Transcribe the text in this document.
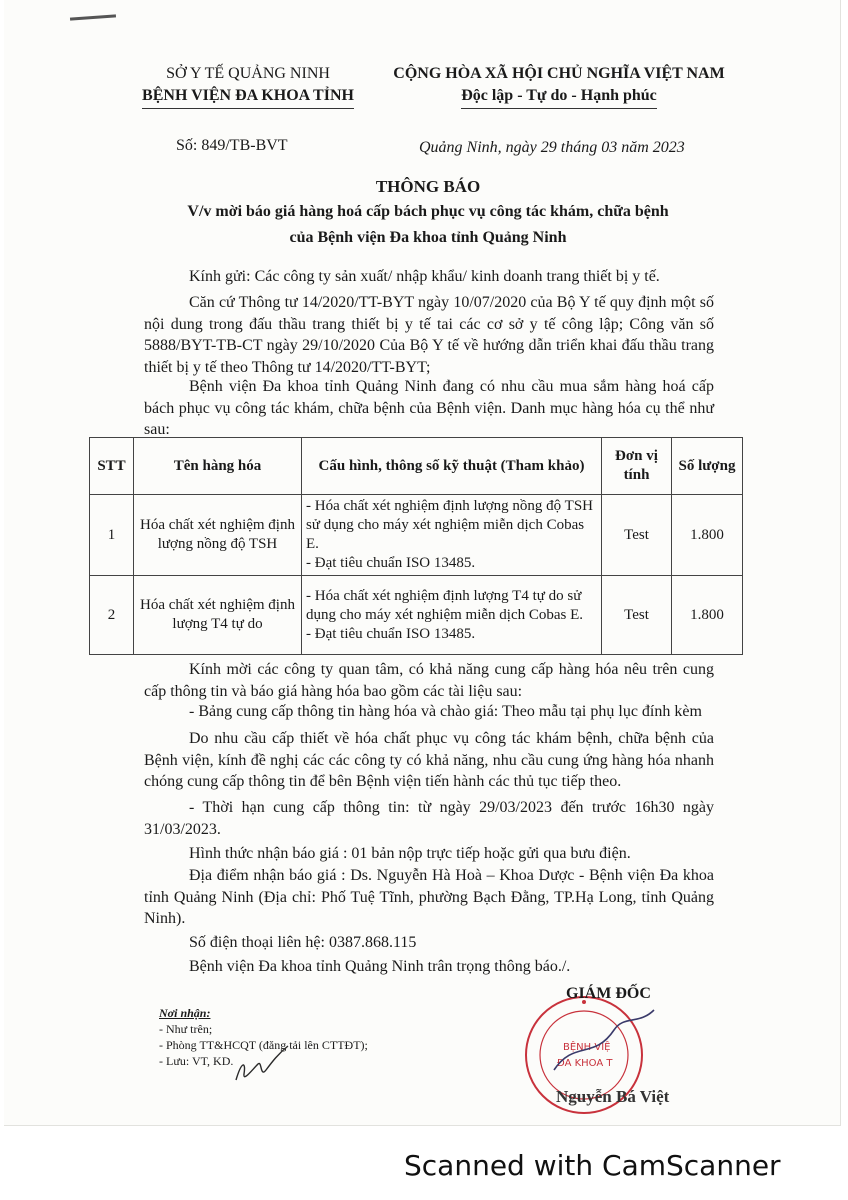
SỞ Y TẾ QUẢNG NINH
BỆNH VIỆN ĐA KHOA TỈNH
CỘNG HÒA XÃ HỘI CHỦ NGHĨA VIỆT NAM
Độc lập - Tự do - Hạnh phúc
Số: 849/TB-BVT	Quảng Ninh, ngày 29 tháng 03 năm 2023
THÔNG BÁO
V/v mời báo giá hàng hoá cấp bách phục vụ công tác khám, chữa bệnh
của Bệnh viện Đa khoa tỉnh Quảng Ninh
Kính gửi: Các công ty sản xuất/ nhập khẩu/ kinh doanh trang thiết bị y tế.
Căn cứ Thông tư 14/2020/TT-BYT ngày 10/07/2020 của Bộ Y tế quy định một số nội dung trong đấu thầu trang thiết bị y tế tai các cơ sở y tế công lập; Công văn số 5888/BYT-TB-CT ngày 29/10/2020 Của Bộ Y tế về hướng dẫn triển khai đấu thầu trang thiết bị y tế theo Thông tư 14/2020/TT-BYT;
Bệnh viện Đa khoa tỉnh Quảng Ninh đang có nhu cầu mua sắm hàng hoá cấp bách phục vụ công tác khám, chữa bệnh của Bệnh viện. Danh mục hàng hóa cụ thể như sau:
STT	Tên hàng hóa	Cấu hình, thông số kỹ thuật (Tham khảo)	Đơn vị tính	Số lượng
1	Hóa chất xét nghiệm định lượng nồng độ TSH	- Hóa chất xét nghiệm định lượng nồng độ TSH sử dụng cho máy xét nghiệm miễn dịch Cobas E.
- Đạt tiêu chuẩn ISO 13485.	Test	1.800
2	Hóa chất xét nghiệm định lượng T4 tự do	- Hóa chất xét nghiệm định lượng T4 tự do sử dụng cho máy xét nghiệm miễn dịch Cobas E.
- Đạt tiêu chuẩn ISO 13485.	Test	1.800
Kính mời các công ty quan tâm, có khả năng cung cấp hàng hóa nêu trên cung cấp thông tin và báo giá hàng hóa bao gồm các tài liệu sau:
- Bảng cung cấp thông tin hàng hóa và chào giá: Theo mẫu tại phụ lục đính kèm
Do nhu cầu cấp thiết về hóa chất phục vụ công tác khám bệnh, chữa bệnh của Bệnh viện, kính đề nghị các các công ty có khả năng, nhu cầu cung ứng hàng hóa nhanh chóng cung cấp thông tin để bên Bệnh viện tiến hành các thủ tục tiếp theo.
- Thời hạn cung cấp thông tin: từ ngày 29/03/2023 đến trước 16h30 ngày 31/03/2023.
Hình thức nhận báo giá : 01 bản nộp trực tiếp hoặc gửi qua bưu điện.
Địa điểm nhận báo giá : Ds. Nguyễn Hà Hoà – Khoa Dược - Bệnh viện Đa khoa tỉnh Quảng Ninh (Địa chỉ: Phố Tuệ Tĩnh, phường Bạch Đằng, TP.Hạ Long, tỉnh Quảng Ninh).
Số điện thoại liên hệ: 0387.868.115
Bệnh viện Đa khoa tỉnh Quảng Ninh trân trọng thông báo./.
Nơi nhận:
- Như trên;
- Phòng TT&HCQT (đăng tải lên CTTĐT);
- Lưu: VT, KD.
BỆNH VIỆ
ĐA KHOA T
GIÁM ĐỐC
Nguyễn Bá Việt
Scanned with CamScanner
